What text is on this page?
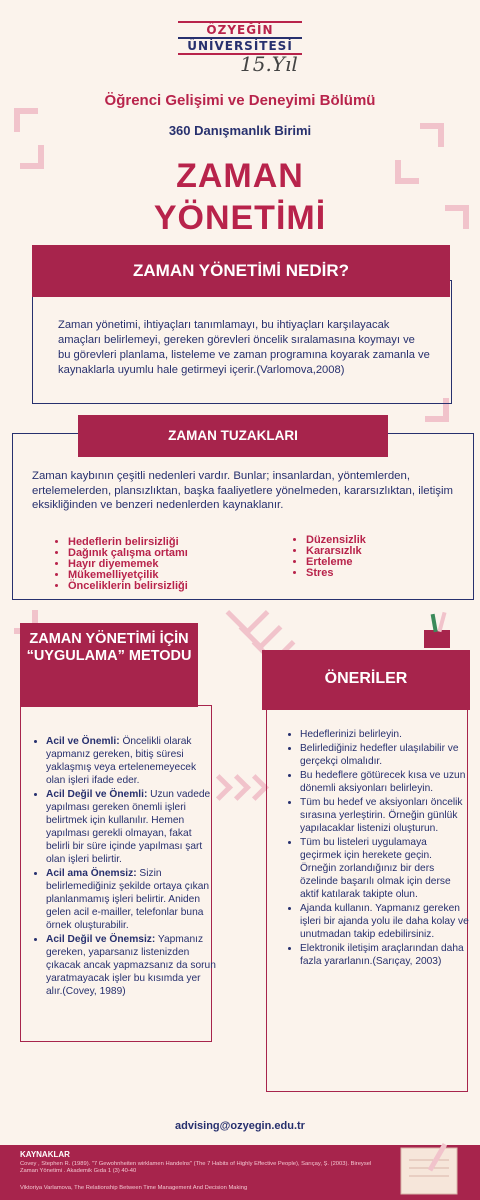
ÖZYEĞİN
ÜNİVERSİTESİ
15.Yıl
Öğrenci Gelişimi ve Deneyimi Bölümü
360 Danışmanlık Birimi
ZAMAN
YÖNETİMİ
ZAMAN YÖNETİMİ NEDİR?
Zaman yönetimi, ihtiyaçları tanımlamayı, bu ihtiyaçları karşılayacak amaçları belirlemeyi, gereken görevleri öncelik sıralamasına koymayı ve bu görevleri planlama, listeleme ve zaman programına koyarak zamanla ve kaynaklarla uyumlu hale getirmeyi içerir.(Varlomova,2008)
ZAMAN TUZAKLARI
Zaman kaybının çeşitli nedenleri vardır. Bunlar; insanlardan, yöntemlerden, ertelemelerden, plansızlıktan, başka faaliyetlere yönelmeden, kararsızlıktan, iletişim eksikliğinden ve benzeri nedenlerden kaynaklanır.
• Hedeflerin belirsizliği
• Dağınık çalışma ortamı
• Hayır diyememek
• Mükemelliyetçilik
• Önceliklerin belirsizliği
• Düzensizlik
• Kararsızlık
• Erteleme
• Stres
ZAMAN YÖNETİMİ İÇİN “UYGULAMA” METODU
• Acil ve Önemli: Öncelikli olarak yapmanız gereken, bitiş süresi yaklaşmış veya ertelenemeyecek olan işleri ifade eder.
• Acil Değil ve Önemli: Uzun vadede yapılması gereken önemli işleri belirtmek için kullanılır. Hemen yapılması gerekli olmayan, fakat belirli bir süre içinde yapılması şart olan işleri belirtir.
• Acil ama Önemsiz: Sizin belirlemediğiniz şekilde ortaya çıkan planlanmamış işleri belirtir. Aniden gelen acil e-mailler, telefonlar buna örnek oluşturabilir.
• Acil Değil ve Önemsiz: Yapmanız gereken, yaparsanız listenizden çıkacak ancak yapmazsanız da sorun yaratmayacak işler bu kısımda yer alır.(Covey, 1989)
ÖNERİLER
• Hedeflerinizi belirleyin.
• Belirlediğiniz hedefler ulaşılabilir ve gerçekçi olmalıdır.
• Bu hedeflere götürecek kısa ve uzun dönemli aksiyonları belirleyin.
• Tüm bu hedef ve aksiyonları öncelik sırasına yerleştirin. Örneğin günlük yapılacaklar listenizi oluşturun.
• Tüm bu listeleri uygulamaya geçirmek için herekete geçin. Örneğin zorlandığınız bir ders özelinde başarılı olmak için derse aktif katılarak takipte olun.
• Ajanda kullanın. Yapmanız gereken işleri bir ajanda yolu ile daha kolay ve unutmadan takip edebilirsiniz.
• Elektronik iletişim araçlarından daha fazla yararlanın.(Sarıçay, 2003)
advising@ozyegin.edu.tr
KAYNAKLAR
Covey , Stephen R. (1989). "7 Gewohnheiten wirklamen Handelns" (The 7 Habits of Highly Effective People), Sarıçay, Ş. (2003). Bireysel Zaman Yönetimi . Akademik Gıda 1 (3) 40-40
Viktoriya Varlamova, The Relationship Between Time Management And Decision Making
